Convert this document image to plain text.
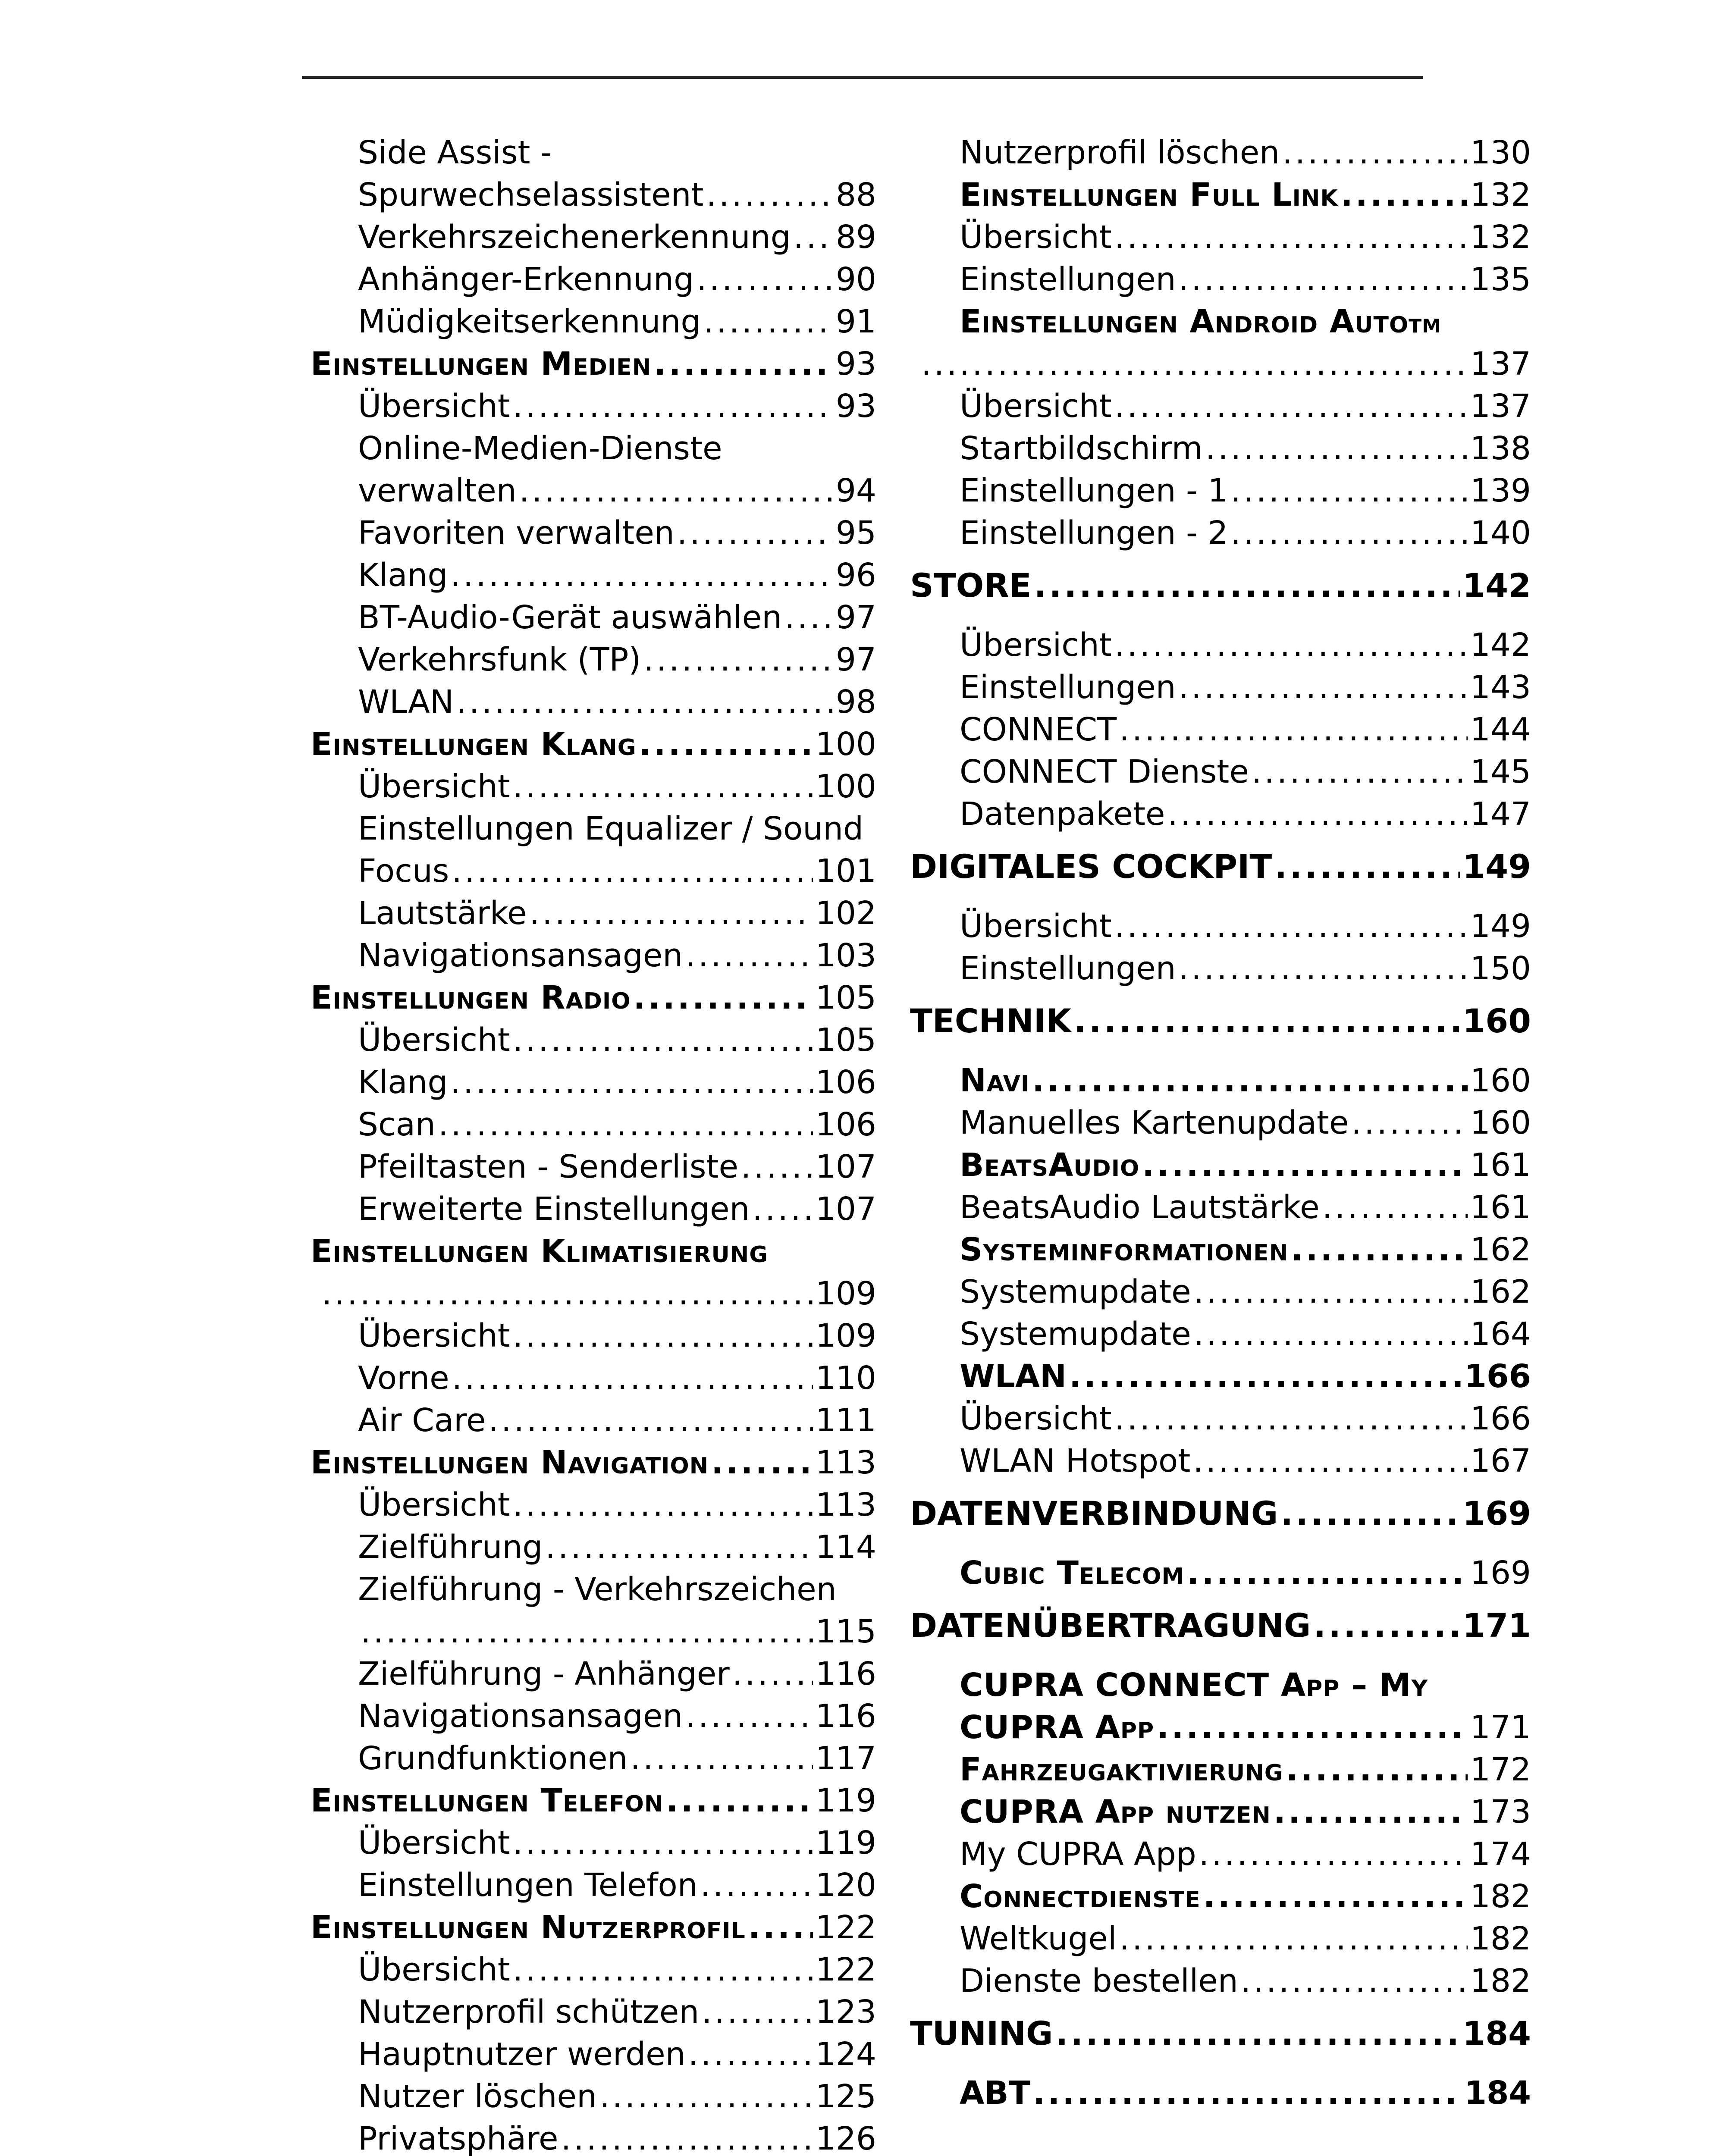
Side Assist -
Spurwechselassistent .....	88
Verkehrszeichenerkennung ..... 89
Anhänger-Erkennung .....	90
Müdigkeitserkennung .....	91
Einstellungen Medien .....	93
Übersicht .....	93
Online-Medien-Dienste
verwalten .....	94
Favoriten verwalten .....	95
Klang .....	96
BT-Audio-Gerät auswählen ..... 97
Verkehrsfunk (TP) .....	97
WLAN .....	98
Einstellungen Klang .....	100
Übersicht .....	100
Einstellungen Equalizer / Sound
Focus .....	101
Lautstärke .....	102
Navigationsansagen .....	103
Einstellungen Radio .....	105
Übersicht .....	105
Klang .....	106
Scan .....	106
Pfeiltasten - Senderliste ..... 107
Erweiterte Einstellungen ..... 107
Einstellungen Klimatisierung
.....
109
Übersicht .....	109
Vorne .....	110
Air Care .....	111
Einstellungen Navigation .....	113
Übersicht .....	113
Zielführung .....	114
Zielführung - Verkehrszeichen
.....
115
Zielführung - Anhänger .....	116
Navigationsansagen .....	116
Grundfunktionen .....	117
Einstellungen Telefon .....	119
Übersicht .....	119
Einstellungen Telefon .....	120
Einstellungen Nutzerprofil ..... 122
Übersicht .....	122
Nutzerprofil schützen .....	123
Hauptnutzer werden .....	124
Nutzer löschen .....	125
Privatsphäre .....	126
Nutzerprofil löschen .....	130
Einstellungen Full Link .....	132
Übersicht .....	132
Einstellungen .....	135
Einstellungen Android Auto TM
.....
137
Übersicht .....	137
Startbildschirm .....	138
Einstellungen - 1 .....	139
Einstellungen - 2 .....	140
STORE .....	142
Übersicht .....	142
Einstellungen .....	143
CONNECT .....	144
CONNECT Dienste .....	145
Datenpakete .....	147
DIGITALES COCKPIT .....	149
Übersicht .....	149
Einstellungen .....	150
TECHNIK .....	160
Navi .....	160
Manuelles Kartenupdate .....	160
BeatsAudio .....	161
BeatsAudio Lautstärke .....	161
Systeminformationen .....	162
Systemupdate .....	162
Systemupdate .....	164
WLAN .....	166
Übersicht .....	166
WLAN Hotspot .....	167
DATENVERBINDUNG .....	169
Cubic Telecom .....	169
DATENÜBERTRAGUNG .....	171
CUPRA CONNECT App – My
CUPRA App .....	171
Fahrzeugaktivierung .....	172
CUPRA App nutzen .....	173
My CUPRA App .....	174
Connectdienste .....	182
Weltkugel .....	182
Dienste bestellen .....	182
TUNING .....	184
ABT .....	184
